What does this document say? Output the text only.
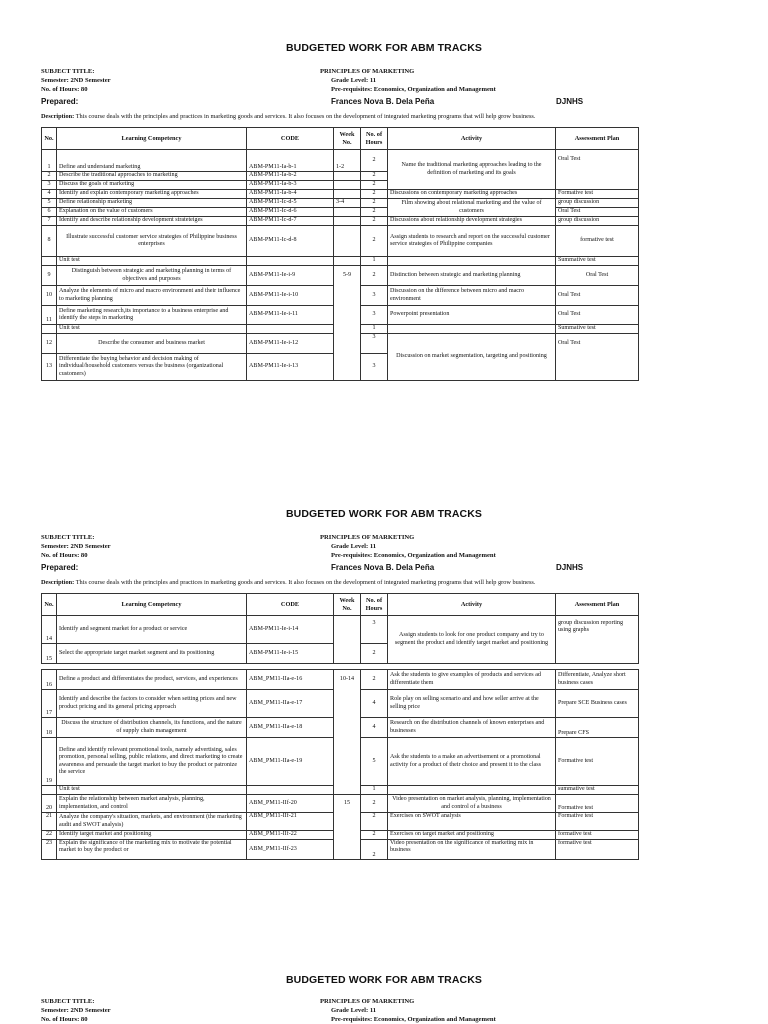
BUDGETED WORK FOR ABM TRACKS
SUBJECT TITLE:
Semester: 2ND Semester
No. of Hours: 80
Prepared:
PRINCIPLES OF MARKETING
Grade Level: 11
Pre-requisites: Economics, Organization and Management
Frances Nova B. Dela Peña	DJNHS
Description: This course deals with the principles and practices in marketing goods and services. It also focuses on the development of integrated marketing programs that will help grow business.
No.	Learning Competency	CODE	Week No.	No. of Hours	Activity	Assessment Plan
1	Define and understand marketing	ABM-PM11-Ia-b-1	1-2	2	Name the traditional marketing approaches leading to the definition of marketing and its goals	Oral Test
2	Describe the traditional approaches to marketing	ABM-PM11-Ia-b-2		2		
3	Discuss the goals of marketing	ABM-PM11-Ia-b-3		2		
4	Identify and explain contemporary marketing approaches	ABM-PM11-Ia-b-4		2	Discussions on contemporary marketing approaches	Formative test
5	Define relationship marketing	ABM-PM11-Ic-d-5	3-4	2	Film showing about relational marketing and the value of customers	group discussion
6	Explanation on the value of customers	ABM-PM11-Ic-d-6		2		Oral Test
7	Identify and describe relationship development strateteiges	ABM-PM11-Ic-d-7		2	Discussions about relationship development strategies	group discussion
8	Illustrate successful customer service strategies of Philippine business enterprises	ABM-PM11-Ic-d-8		2	Assign students to research and report on the successful customer service strategies of Philippine companies	formative test
	Unit test			1		Summative test
9	Distinguish between strategic and marketing planning in terms of objectives and purposes	ABM-PM11-Ie-i-9	5-9	2	Distinction between strategic and marketing planning	Oral Test
10	Analyze the elements of micro and macro environment and their influence to marketing planning	ABM-PM11-Ie-i-10		3	Discussion on the difference between micro and macro environment	Oral Test
11	Define marketing research,its importance to a business enterprise and identify the steps in marketing	ABM-PM11-Ie-i-11		3	Powerpoint presentation	Oral Test
	Unit test			1		Summative test
12	Describe the consumer and business market	ABM-PM11-Ie-i-12		3	Discussion on market segmentation, targeting and positioning	Oral Test
13	Differentiate the buying behavior and decision making of individual/household customers versus the business (organizational customers)	ABM-PM11-Ie-i-13		3		
BUDGETED WORK FOR ABM TRACKS
SUBJECT TITLE:
Semester: 2ND Semester
No. of Hours: 80
Prepared:
PRINCIPLES OF MARKETING
Grade Level: 11
Pre-requisites: Economics, Organization and Management
Frances Nova B. Dela Peña	DJNHS
Description: This course deals with the principles and practices in marketing goods and services. It also focuses on the development of integrated marketing programs that will help grow business.
No.	Learning Competency	CODE	Week No.	No. of Hours	Activity	Assessment Plan
14	Identify and segment market for a product or service	ABM-PM11-Ie-i-14		3	Assign students to look for one product company and try to segment the product and identify target market and positioning	group discussion reporting using graphs
15	Select the appropriate target market segment and its positioning	ABM-PM11-Ie-i-15		2		

16	Define a product and differentiates the product, services, and experiences	ABM_PM11-IIa-e-16	10-14	2	Ask the students to give examples of products and services ad differentiate them	Differentiate, Analyze short business cases
17	Identify and describe the factors to consider when setting prices and new product pricing and its general pricing approach	ABM_PM11-IIa-e-17		4	Role play on selling scenario and and how seller arrive at the selling price	Prepare SCE Business cases
18	Discuss the structure of distribution channels, its functions, and the nature of supply chain management	ABM_PM11-IIa-e-18		4	Research on the distribution channels of known enterprises and businesses	Prepare CFS
19	Define and identify relevant promotional tools, namely advertising, sales promotion, personal selling, public relations, and direct marketing to create awareness and persuade the target market to buy the product or patronize the service	ABM_PM11-IIa-e-19		5	Ask the students to a make an advertisement or a promotional activity for a product of their choice and present it to the class	Formative test
	Unit test			1		summative test
20	Explain the relationship between market analysis, planning, implementation, and control	ABM_PM11-IIf-20	15	2	Video presentation on market analysis, planning, implementation and control of a business	Formative test
21	Analyze the company's situation, markets, and environment (the marketing audit and SWOT analysis)	ABM_PM11-IIf-21		2	Exercises on SWOT analysis	Formative test
22	Identify target market and positioning	ABM_PM11-IIf-22		2	Exercises on target market and positioning	formative test
23	Explain the significance of the marketing mix to motivate the potential market to buy the product or	ABM_PM11-IIf-23		2	Video presentation on the significance of marketing mix in business	formative test
BUDGETED WORK FOR ABM TRACKS
SUBJECT TITLE:
Semester: 2ND Semester
No. of Hours: 80
PRINCIPLES OF MARKETING
Grade Level: 11
Pre-requisites: Economics, Organization and Management
